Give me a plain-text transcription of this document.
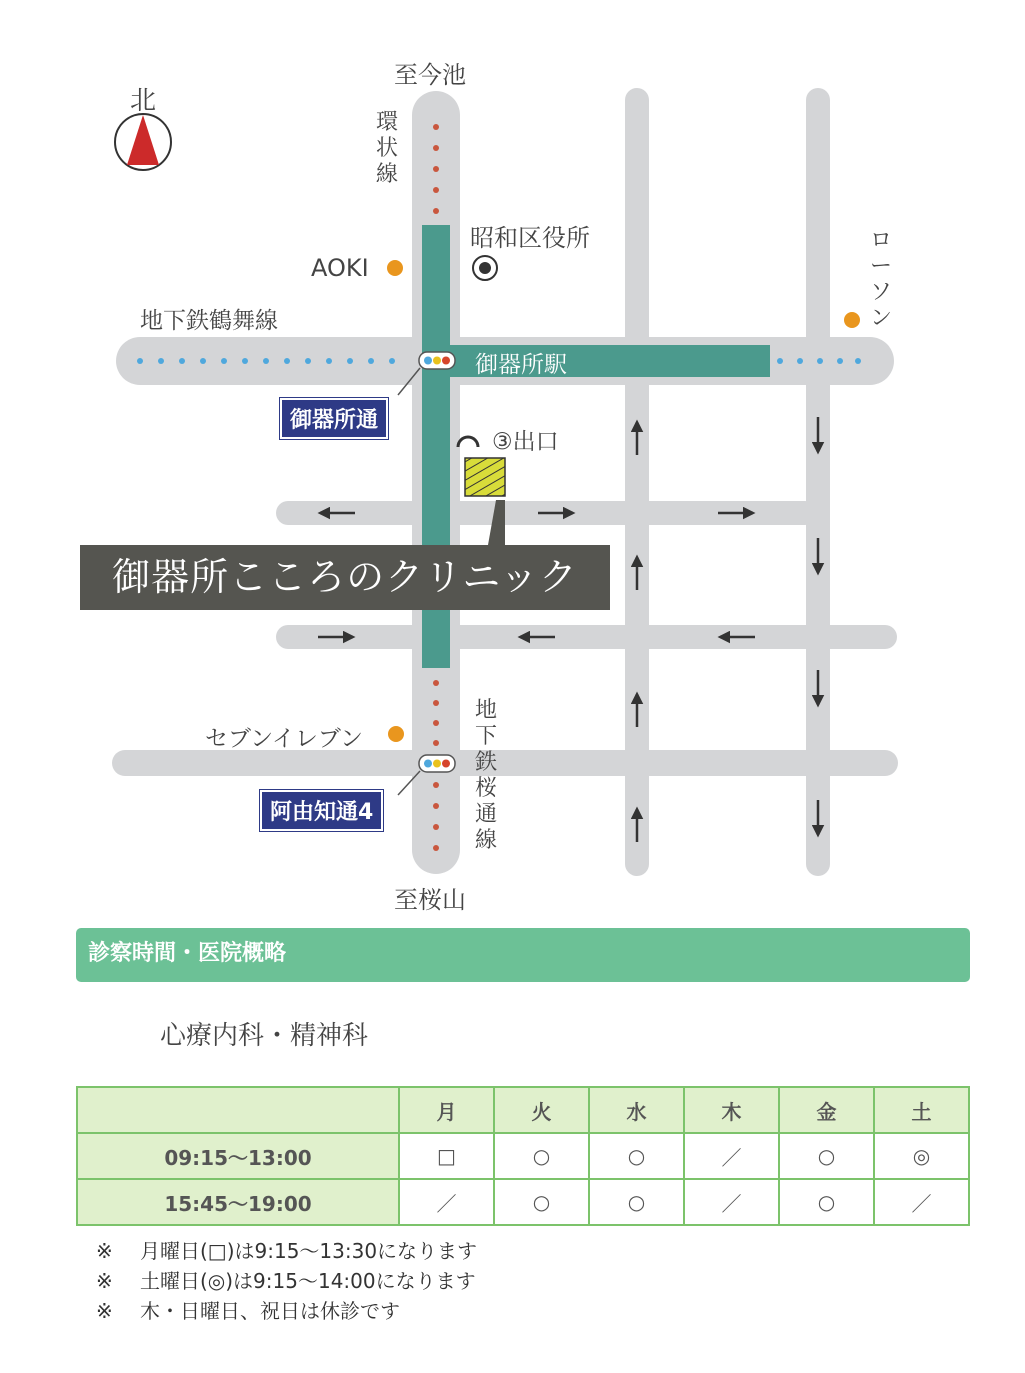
北
至今池
至桜山
環状線
地下鉄桜通線
ローソン
地下鉄鶴舞線
昭和区役所
AOKI
セブンイレブン
③出口
御器所駅
御器所通
阿由知通4
御器所こころのクリニック
診察時間・医院概略
心療内科・精神科
	月	火	水	木	金	土
09:15〜13:00	□	○	○	／	○	◎
15:45〜19:00	／	○	○	／	○	／
※ 月曜日(□)は9:15〜13:30になります
※ 土曜日(◎)は9:15〜14:00になります
※ 木・日曜日、祝日は休診です
